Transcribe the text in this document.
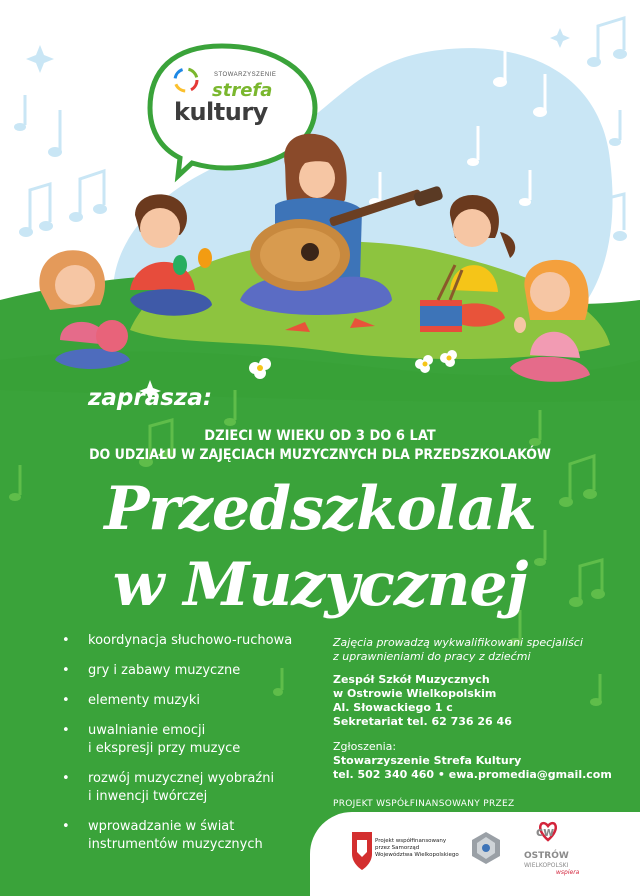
STOWARZYSZENIE
strefa
kultury
zaprasza:
DZIECI W WIEKU OD 3 DO 6 LAT
DO UDZIAŁU W ZAJĘCIACH MUZYCZNYCH DLA PRZEDSZKOLAKÓW
Przedszkolak
w Muzycznej
• koordynacja słuchowo-ruchowa
• gry i zabawy muzyczne
• elementy muzyki
• uwalnianie emocji
i ekspresji przy muzyce
• rozwój muzycznej wyobraźni
i inwencji twórczej
• wprowadzanie w świat
instrumentów muzycznych
Zajęcia prowadzą wykwalifikowani specjaliści
z uprawnieniami do pracy z dziećmi
Zespół Szkół Muzycznych
w Ostrowie Wielkopolskim
Al. Słowackiego 1 c
Sekretariat tel. 62 736 26 46
Zgłoszenia:
Stowarzyszenie Strefa Kultury
tel. 502 340 460 • ewa.promedia@gmail.com
PROJEKT WSPÓŁFINANSOWANY PRZEZ
cw
Projekt współfinansowany
przez Samorząd
Województwa Wielkopolskiego	OSTRÓW
WIELKOPOLSKI
wspiera
